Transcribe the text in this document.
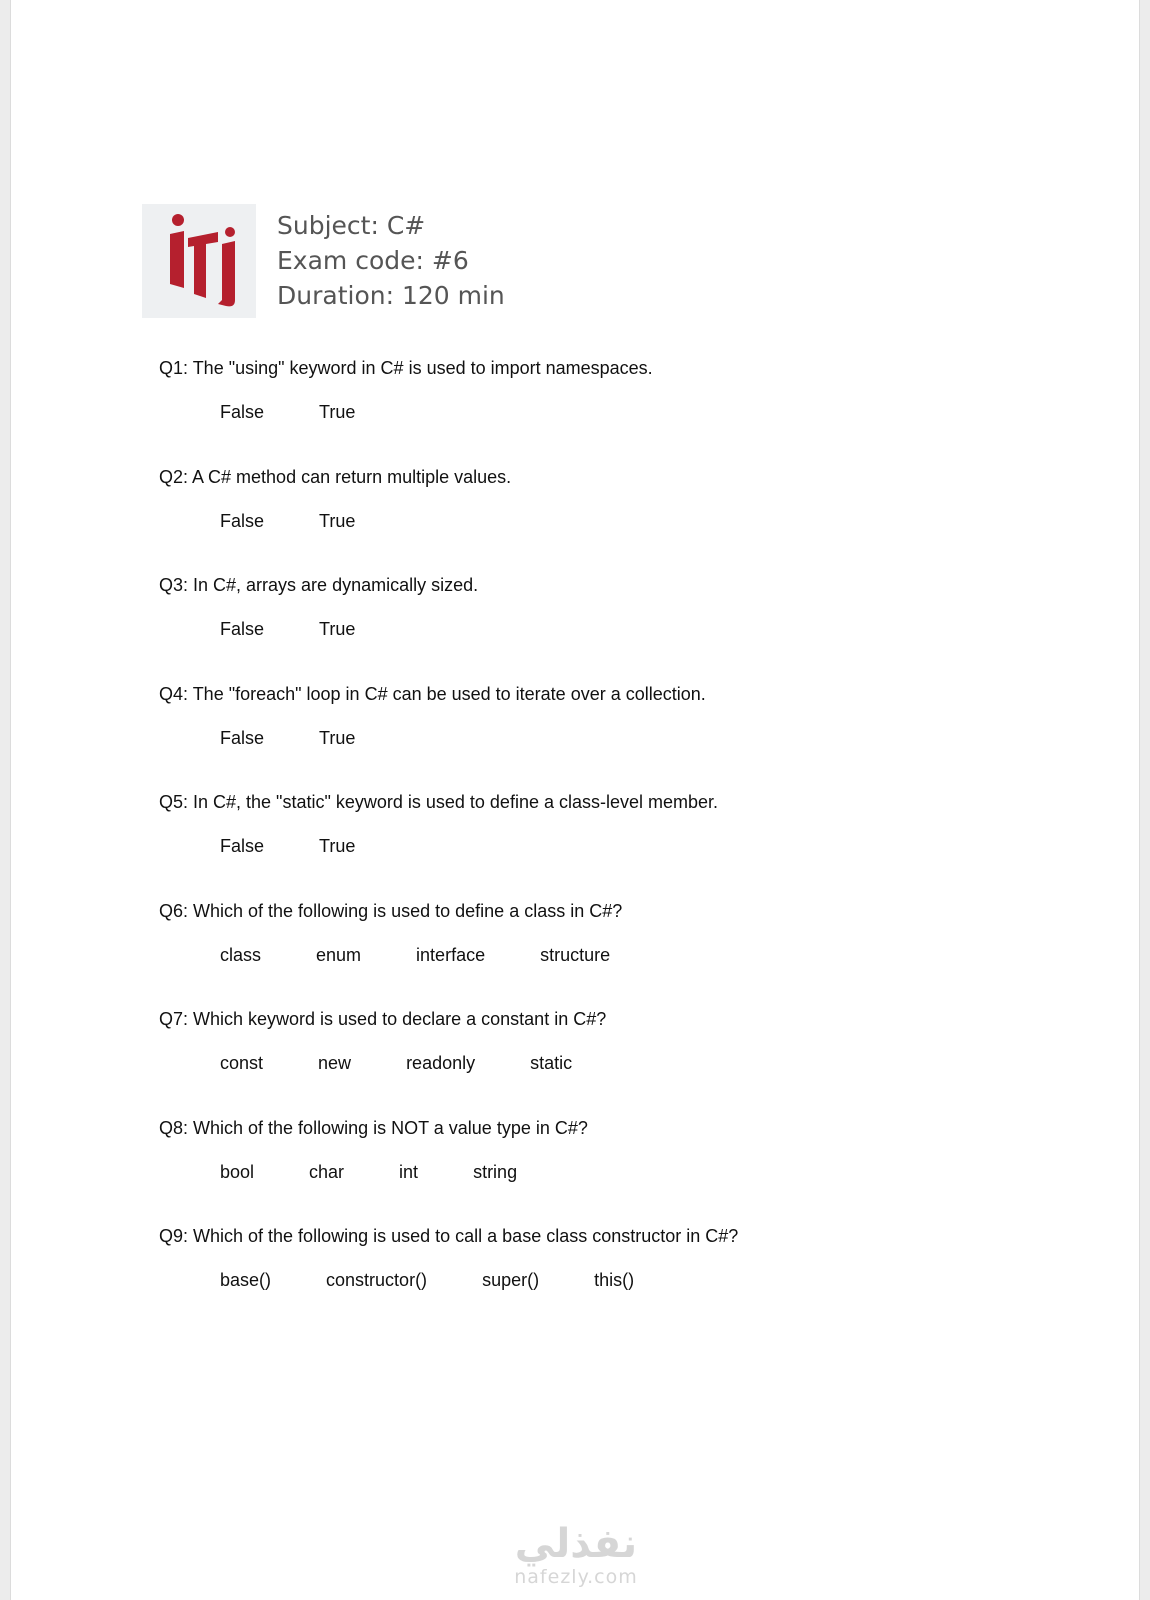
Subject: C#
Exam code: #6
Duration: 120 min
Q1: The "using" keyword in C# is used to import namespaces.
False	True
Q2: A C# method can return multiple values.
False	True
Q3: In C#, arrays are dynamically sized.
False	True
Q4: The "foreach" loop in C# can be used to iterate over a collection.
False	True
Q5: In C#, the "static" keyword is used to define a class-level member.
False	True
Q6: Which of the following is used to define a class in C#?
class	enum	interface	structure
Q7: Which keyword is used to declare a constant in C#?
const	new	readonly	static
Q8: Which of the following is NOT a value type in C#?
bool	char	int	string
Q9: Which of the following is used to call a base class constructor in C#?
base()	constructor()	super()	this()
نفذلي
nafezly.com
